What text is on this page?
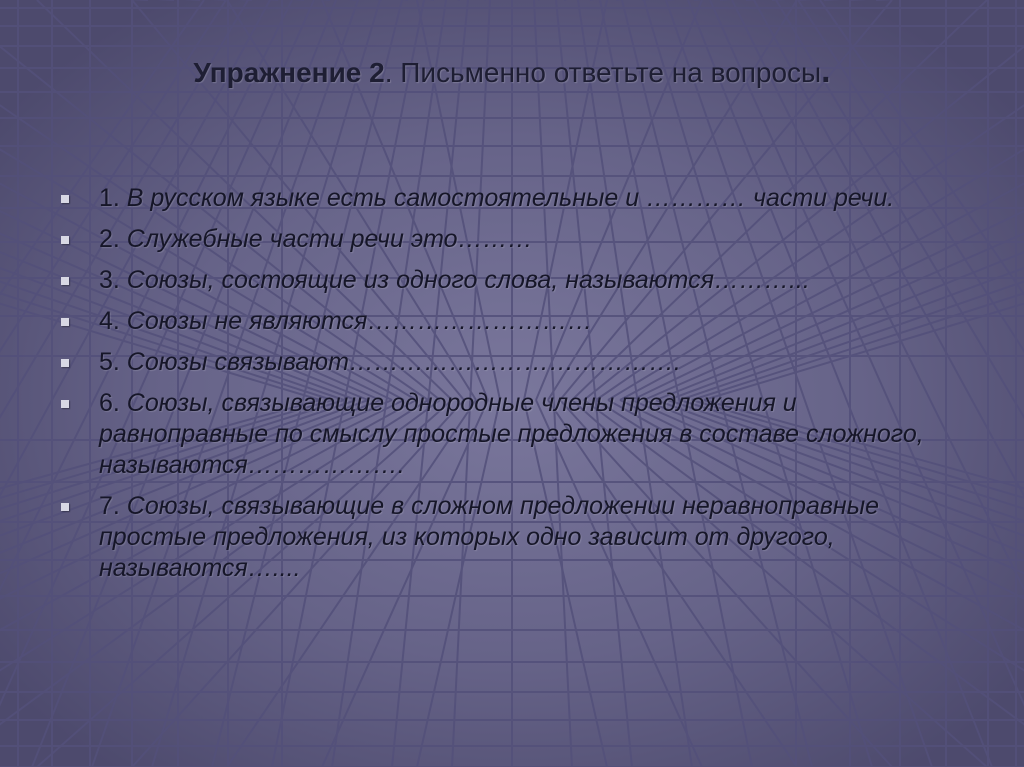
Упражнение 2. Письменно ответьте на вопросы.
1. В русском языке есть самостоятельные и ………… части речи.
2. Служебные части речи это………
3. Союзы, состоящие из одного слова, называются………...
4. Союзы не являются………………………
5. Союзы связывают………………………………….
6. Союзы, связывающие однородные члены предложения и равноправные по смыслу простые предложения в составе сложного, называются……………….
7. Союзы, связывающие в сложном предложении неравноправные простые предложения, из которых одно зависит от другого, называются…....
